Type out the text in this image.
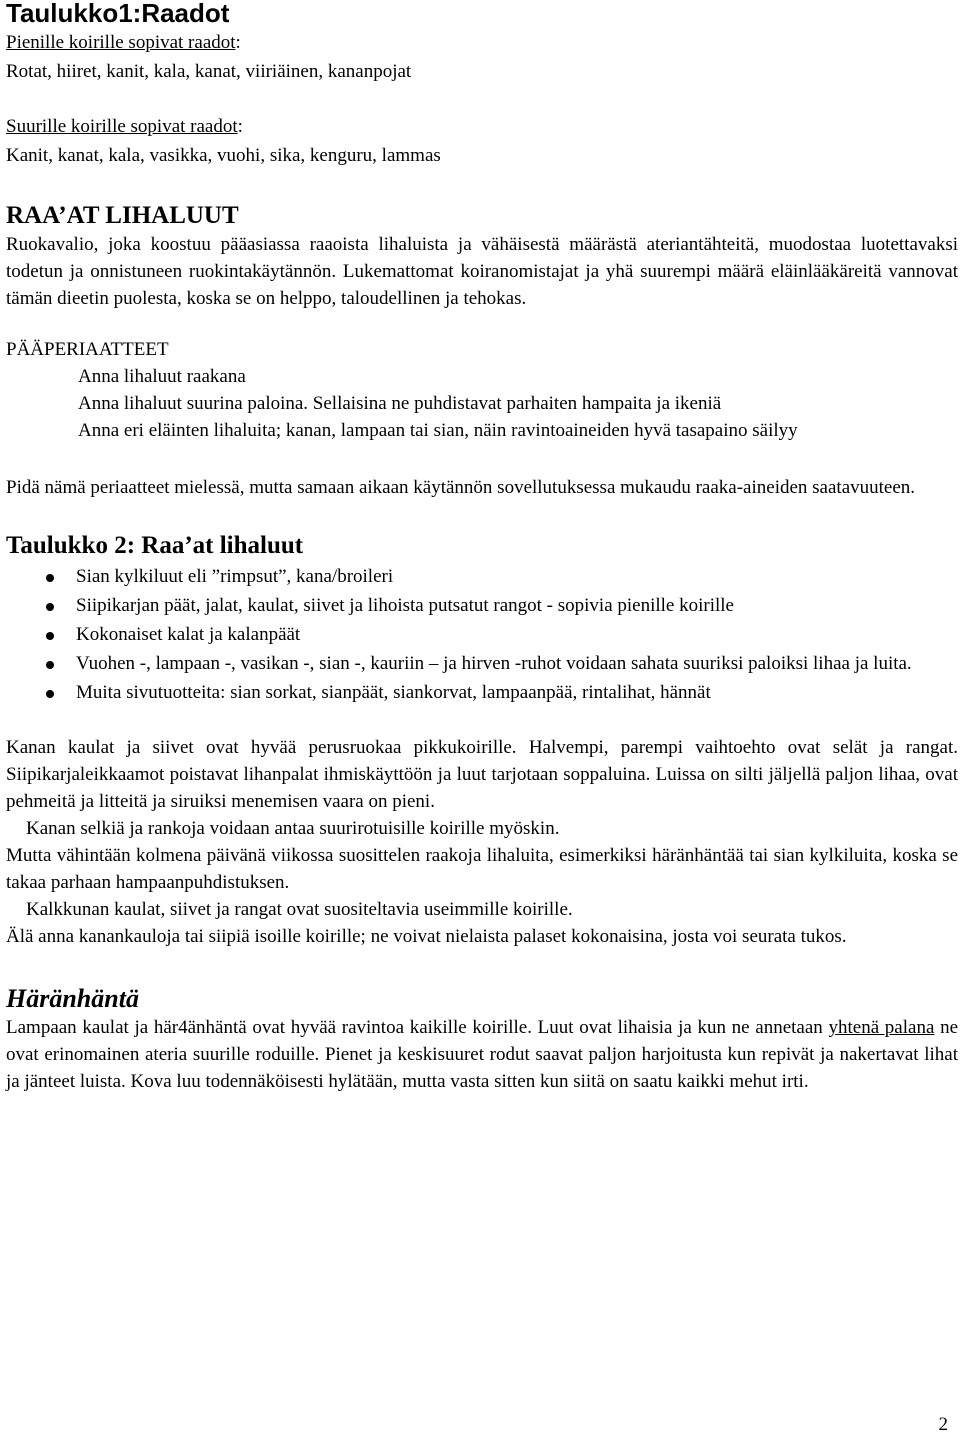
Taulukko1:Raadot
Pienille koirille sopivat raadot:
Rotat, hiiret, kanit, kala, kanat, viiriäinen, kananpojat
Suurille koirille sopivat raadot:
Kanit, kanat, kala, vasikka, vuohi, sika, kenguru, lammas
RAA’AT LIHALUUT
Ruokavalio, joka koostuu pääasiassa raaoista lihaluista ja vähäisestä määrästä ateriantähteitä, muodostaa luotettavaksi todetun ja onnistuneen ruokintakäytännön. Lukemattomat koiranomistajat ja yhä suurempi määrä eläinlääkäreitä vannovat tämän dieetin puolesta, koska se on helppo, taloudellinen ja tehokas.
PÄÄPERIAATTEET
Anna lihaluut raakana
Anna lihaluut suurina paloina. Sellaisina ne puhdistavat parhaiten hampaita ja ikeniä
Anna eri eläinten lihaluita; kanan, lampaan tai sian, näin ravintoaineiden hyvä tasapaino säilyy
Pidä nämä periaatteet mielessä, mutta samaan aikaan käytännön sovellutuksessa mukaudu raaka-aineiden saatavuuteen.
Taulukko 2: Raa’at lihaluut
Sian kylkiluut eli ”rimpsut”, kana/broileri
Siipikarjan päät, jalat, kaulat, siivet ja lihoista putsatut rangot - sopivia pienille koirille
Kokonaiset kalat ja kalanpäät
Vuohen -, lampaan -, vasikan -, sian -, kauriin – ja hirven -ruhot voidaan sahata suuriksi paloiksi lihaa ja luita.
Muita sivutuotteita: sian sorkat, sianpäät, siankorvat, lampaanpää, rintalihat, hännät
Kanan kaulat ja siivet ovat hyvää perusruokaa pikkukoirille. Halvempi, parempi vaihtoehto ovat selät ja rangat. Siipikarjaleikkaamot poistavat lihanpalat ihmiskäyttöön ja luut tarjotaan soppaluina. Luissa on silti jäljellä paljon lihaa, ovat pehmeitä ja litteitä ja siruiksi menemisen vaara on pieni.
Kanan selkiä ja rankoja voidaan antaa suurirotuisille koirille myöskin.
Mutta vähintään kolmena päivänä viikossa suosittelen raakoja lihaluita, esimerkiksi häränhäntää tai sian kylkiluita, koska se takaa parhaan hampaanpuhdistuksen.
Kalkkunan kaulat, siivet ja rangat ovat suositeltavia useimmille koirille.
Älä anna kanankauloja tai siipiä isoille koirille; ne voivat nielaista palaset kokonaisina, josta voi seurata tukos.
Häränhäntä
Lampaan kaulat ja här4änhäntä ovat hyvää ravintoa kaikille koirille. Luut ovat lihaisia ja kun ne annetaan yhtenä palana ne ovat erinomainen ateria suurille roduille. Pienet ja keskisuuret rodut saavat paljon harjoitusta kun repivät ja nakertavat lihat ja jänteet luista. Kova luu todennäköisesti hylätään, mutta vasta sitten kun siitä on saatu kaikki mehut irti.
2
